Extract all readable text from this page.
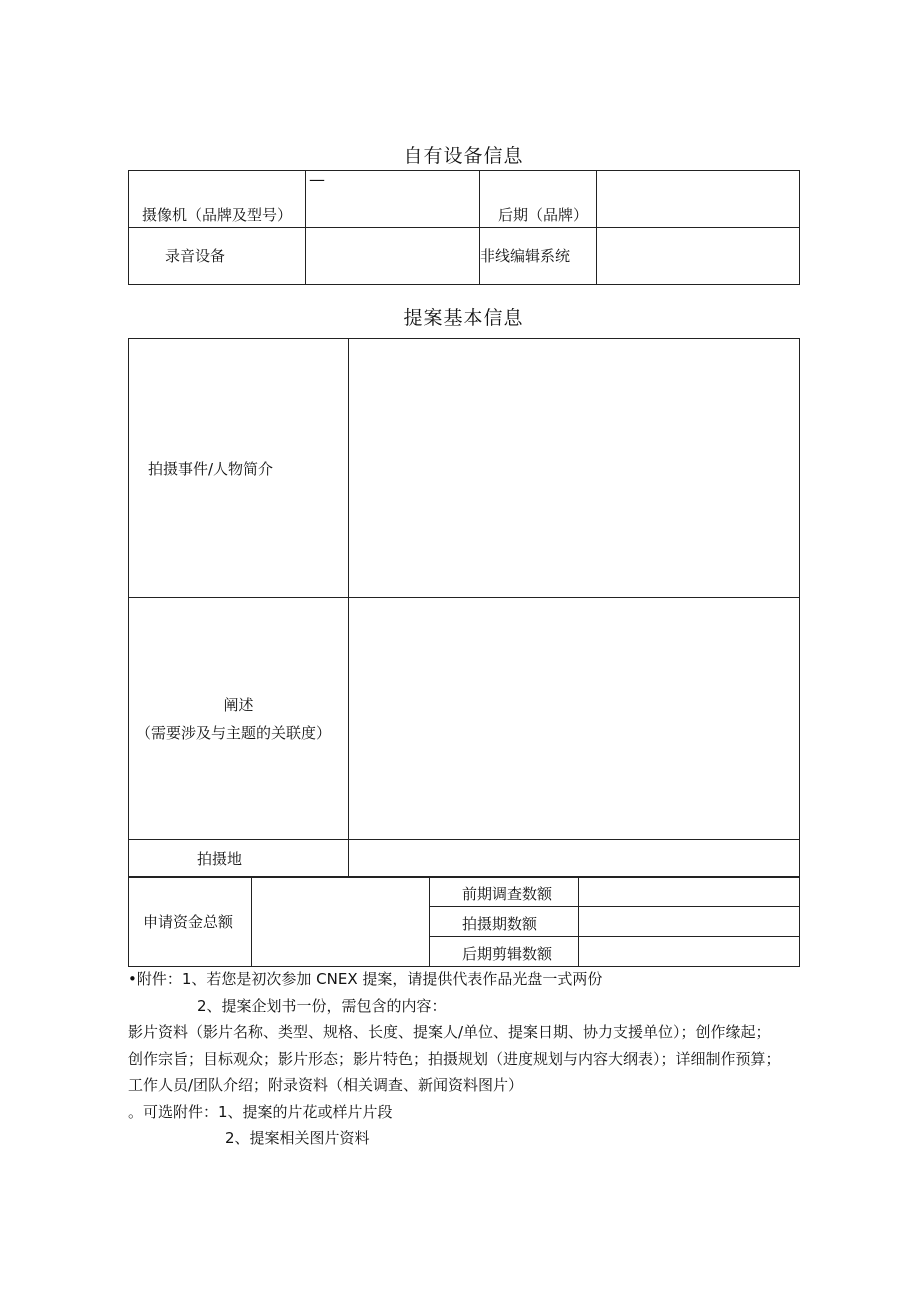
自有设备信息
摄像机（品牌及型号）	—	后期（品牌）	

录音设备		非线编辑系统	

提案基本信息
拍摄事件/人物简介	

阐述
（需要涉及与主题的关联度）	

拍摄地	

申请资金总额		前期调查数额	

		拍摄期数额	

		后期剪辑数额	

•附件：1、若您是初次参加 CNEX 提案，请提供代表作品光盘一式两份

2、提案企划书一份，需包含的内容：

影片资料（影片名称、类型、规格、长度、提案人/单位、提案日期、协力支援单位）；创作缘起；

创作宗旨；目标观众；影片形态；影片特色；拍摄规划（进度规划与内容大纲表）；详细制作预算；

工作人员/团队介绍；附录资料（相关调查、新闻资料图片）

。可选附件：1、提案的片花或样片片段

2、提案相关图片资料
